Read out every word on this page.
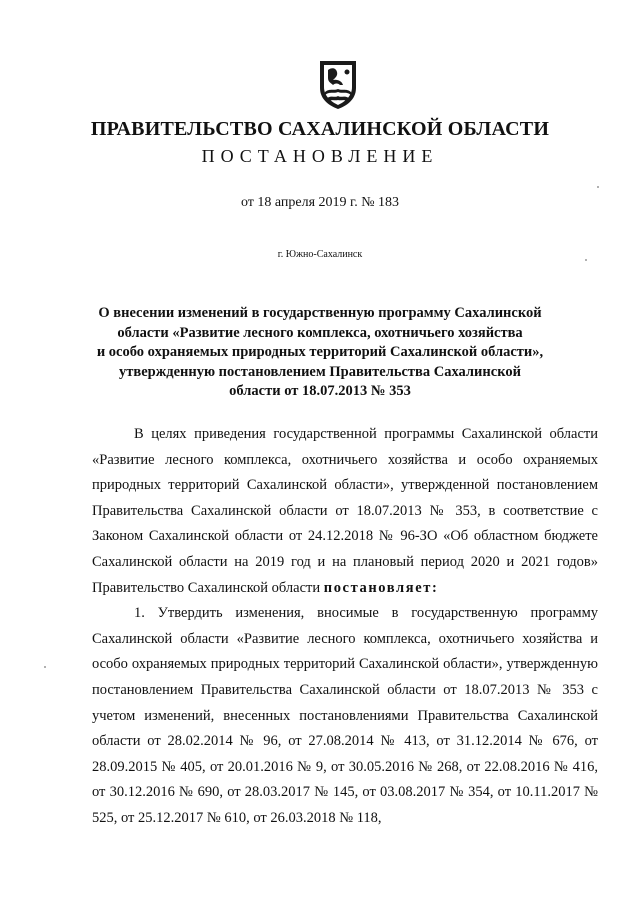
ПРАВИТЕЛЬСТВО САХАЛИНСКОЙ ОБЛАСТИ
ПОСТАНОВЛЕНИЕ
от 18 апреля 2019 г. № 183
г. Южно-Сахалинск
О внесении изменений в государственную программу Сахалинской
области «Развитие лесного комплекса, охотничьего хозяйства
и особо охраняемых природных территорий Сахалинской области»,
утвержденную постановлением Правительства Сахалинской
области от 18.07.2013 № 353

В целях приведения государственной программы Сахалинской области «Развитие лесного комплекса, охотничьего хозяйства и особо охраняемых природных территорий Сахалинской области», утвержденной постановлением Правительства Сахалинской области от 18.07.2013 № 353, в соответствие с Законом Сахалинской области от 24.12.2018 № 96-ЗО «Об областном бюджете Сахалинской области на 2019 год и на плановый период 2020 и 2021 годов» Правительство Сахалинской области постановляет:

1. Утвердить изменения, вносимые в государственную программу Сахалинской области «Развитие лесного комплекса, охотничьего хозяйства и особо охраняемых природных территорий Сахалинской области», утвержденную постановлением Правительства Сахалинской области от 18.07.2013 № 353 с учетом изменений, внесенных постановлениями Правительства Сахалинской области от 28.02.2014 № 96, от 27.08.2014 № 413, от 31.12.2014 № 676, от 28.09.2015 № 405, от 20.01.2016 № 9, от 30.05.2016 № 268, от 22.08.2016 № 416, от 30.12.2016 № 690, от 28.03.2017 № 145, от 03.08.2017 № 354, от 10.11.2017 № 525, от 25.12.2017 № 610, от 26.03.2018 № 118,
